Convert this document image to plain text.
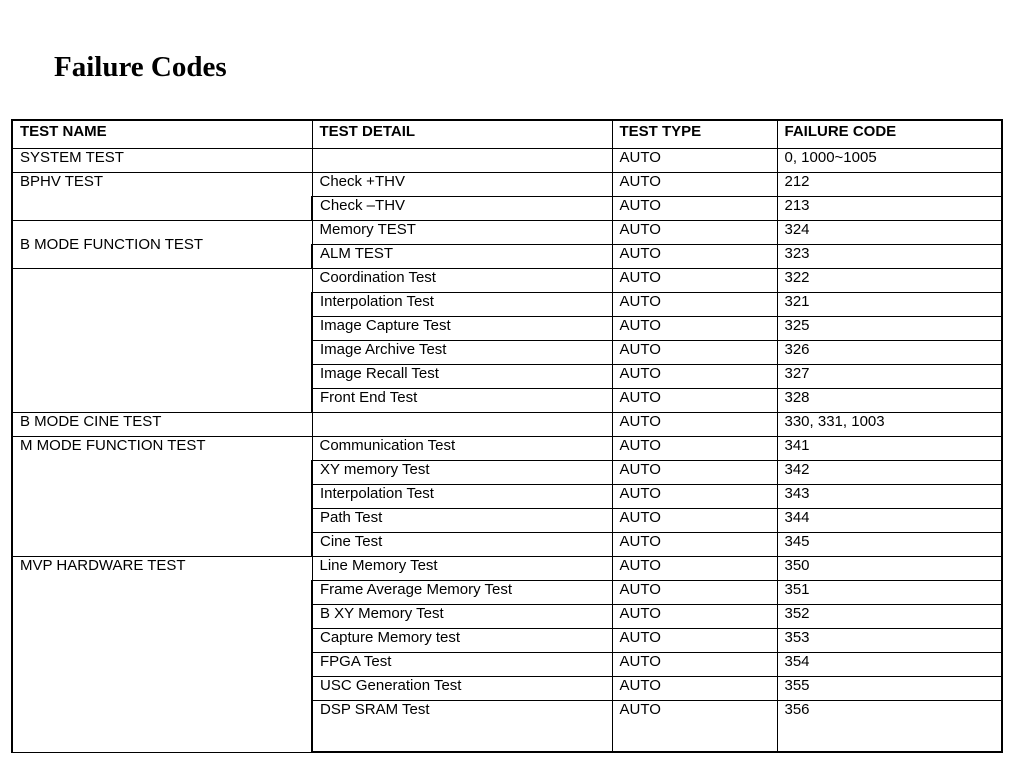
Failure Codes
TEST NAME	TEST DETAIL	TEST TYPE	FAILURE CODE
SYSTEM TEST		AUTO	0, 1000~1005
BPHV TEST	Check +THV	AUTO	212
	Check –THV	AUTO	213
B MODE FUNCTION TEST	Memory TEST	AUTO	324
	ALM TEST	AUTO	323
	Coordination Test	AUTO	322
	Interpolation Test	AUTO	321
	Image Capture Test	AUTO	325
	Image Archive Test	AUTO	326
	Image Recall Test	AUTO	327
	Front End Test	AUTO	328
B MODE CINE TEST		AUTO	330, 331, 1003
M MODE FUNCTION TEST	Communication Test	AUTO	341
	XY memory Test	AUTO	342
	Interpolation Test	AUTO	343
	Path Test	AUTO	344
	Cine Test	AUTO	345
MVP HARDWARE TEST	Line Memory Test	AUTO	350
	Frame Average Memory Test	AUTO	351
	B XY Memory Test	AUTO	352
	Capture Memory test	AUTO	353
	FPGA Test	AUTO	354
	USC Generation Test	AUTO	355
	DSP SRAM Test	AUTO	356
